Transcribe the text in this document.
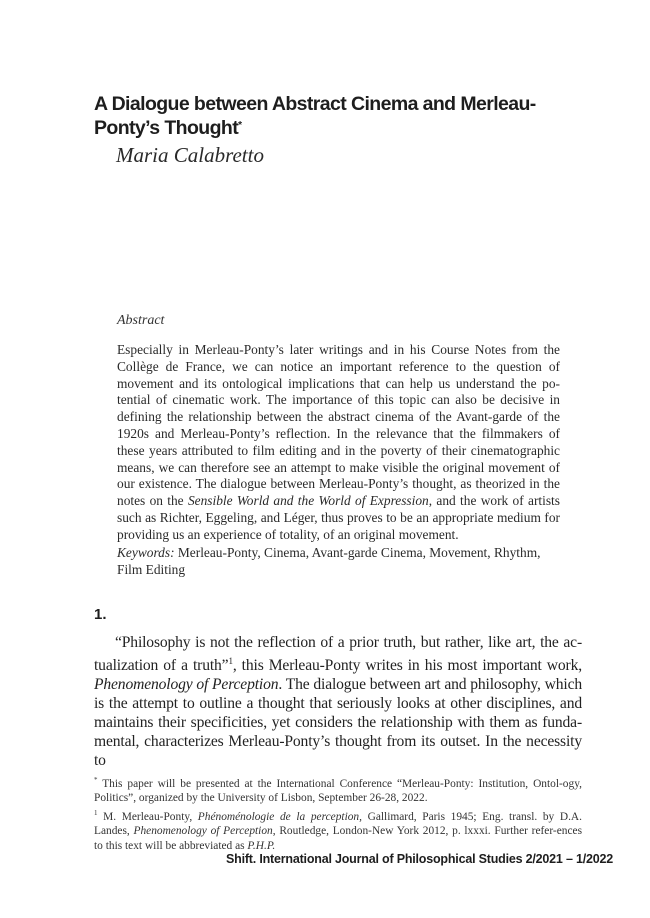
A Dialogue between Abstract Cinema and Merleau-Ponty’s Thought*
Maria Calabretto
Abstract
Especially in Merleau-Ponty’s later writings and in his Course Notes from the Collège de France, we can notice an important reference to the question of movement and its ontological implications that can help us understand the po-tential of cinematic work. The importance of this topic can also be decisive in defining the relationship between the abstract cinema of the Avant-garde of the 1920s and Merleau-Ponty’s reflection. In the relevance that the filmmakers of these years attributed to film editing and in the poverty of their cinematographic means, we can therefore see an attempt to make visible the original movement of our existence. The dialogue between Merleau-Ponty’s thought, as theorized in the notes on the Sensible World and the World of Expression, and the work of artists such as Richter, Eggeling, and Léger, thus proves to be an appropriate medium for providing us an experience of totality, of an original movement.
Keywords: Merleau-Ponty, Cinema, Avant-garde Cinema, Movement, Rhythm, Film Editing
1.
“Philosophy is not the reflection of a prior truth, but rather, like art, the ac-tualization of a truth”$^1$, this Merleau-Ponty writes in his most important work, Phenomenology of Perception. The dialogue between art and philosophy, which is the attempt to outline a thought that seriously looks at other disciplines, and maintains their specificities, yet considers the relationship with them as funda-mental, characterizes Merleau-Ponty’s thought from its outset. In the necessity to

* This paper will be presented at the International Conference “Merleau-Ponty: Institution, Ontol-ogy, Politics”, organized by the University of Lisbon, September 26-28, 2022.

$^1$ M. Merleau-Ponty, Phénoménologie de la perception, Gallimard, Paris 1945; Eng. transl. by D.A. Landes, Phenomenology of Perception, Routledge, London-New York 2012, p. lxxxi. Further refer-ences to this text will be abbreviated as P.H.P.

Shift. International Journal of Philosophical Studies 2/2021 – 1/2022
